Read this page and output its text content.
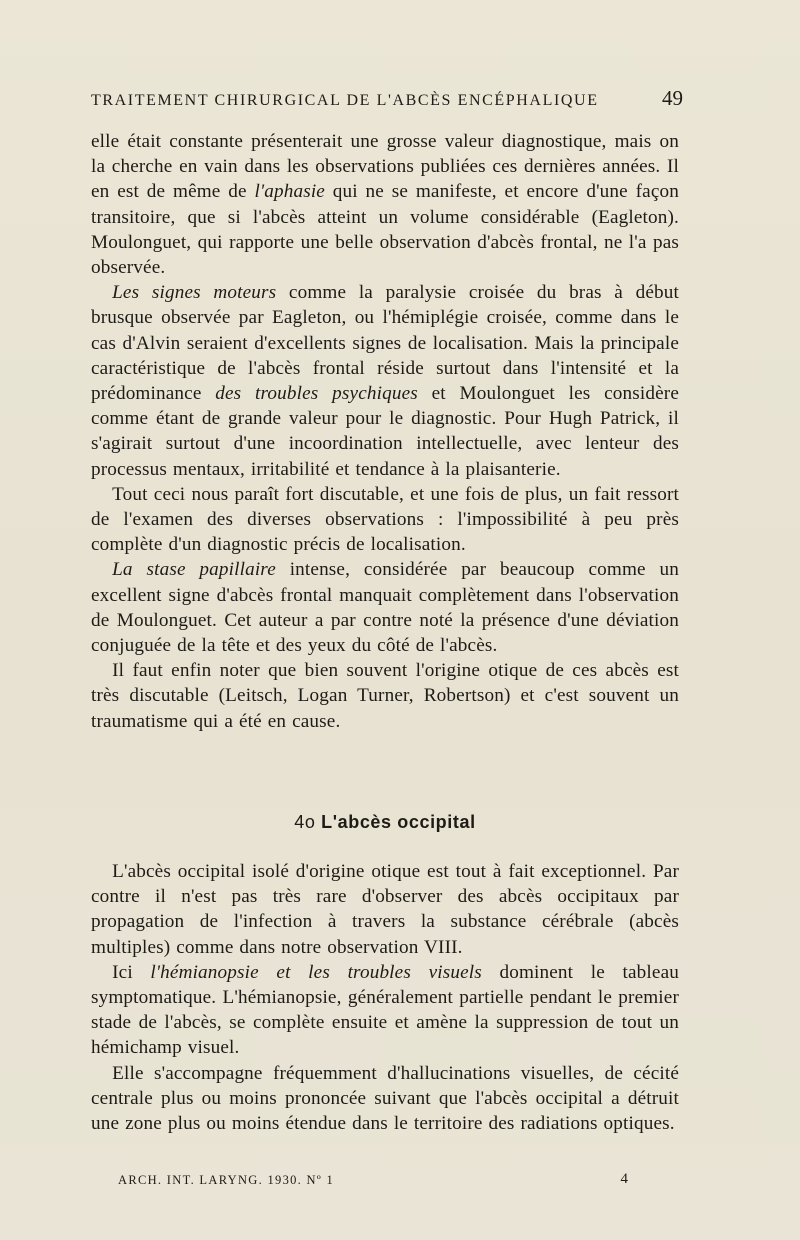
TRAITEMENT CHIRURGICAL DE L'ABCÈS ENCÉPHALIQUE	49

elle était constante présenterait une grosse valeur diagnostique, mais on la cherche en vain dans les observations publiées ces dernières années. Il en est de même de l'aphasie qui ne se manifeste, et encore d'une façon transitoire, que si l'abcès atteint un volume considérable (Eagleton). Moulonguet, qui rapporte une belle observation d'abcès frontal, ne l'a pas observée.

Les signes moteurs comme la paralysie croisée du bras à début brusque observée par Eagleton, ou l'hémiplégie croisée, comme dans le cas d'Alvin seraient d'excellents signes de localisation. Mais la principale caractéristique de l'abcès frontal réside surtout dans l'intensité et la prédominance des troubles psychiques et Moulonguet les considère comme étant de grande valeur pour le diagnostic. Pour Hugh Patrick, il s'agirait surtout d'une incoordination intellectuelle, avec lenteur des processus mentaux, irritabilité et tendance à la plaisanterie.

Tout ceci nous paraît fort discutable, et une fois de plus, un fait ressort de l'examen des diverses observations : l'impossibilité à peu près complète d'un diagnostic précis de localisation.

La stase papillaire intense, considérée par beaucoup comme un excellent signe d'abcès frontal manquait complètement dans l'observation de Moulonguet. Cet auteur a par contre noté la présence d'une déviation conjuguée de la tête et des yeux du côté de l'abcès.

Il faut enfin noter que bien souvent l'origine otique de ces abcès est très discutable (Leitsch, Logan Turner, Robertson) et c'est souvent un traumatisme qui a été en cause.

4o L'abcès occipital

L'abcès occipital isolé d'origine otique est tout à fait exceptionnel. Par contre il n'est pas très rare d'observer des abcès occipitaux par propagation de l'infection à travers la substance cérébrale (abcès multiples) comme dans notre observation VIII.

Ici l'hémianopsie et les troubles visuels dominent le tableau symptomatique. L'hémianopsie, généralement partielle pendant le premier stade de l'abcès, se complète ensuite et amène la suppression de tout un hémichamp visuel.

Elle s'accompagne fréquemment d'hallucinations visuelles, de cécité centrale plus ou moins prononcée suivant que l'abcès occipital a détruit une zone plus ou moins étendue dans le territoire des radiations optiques.

ARCH. INT. LARYNG. 1930. Nº 1	4
